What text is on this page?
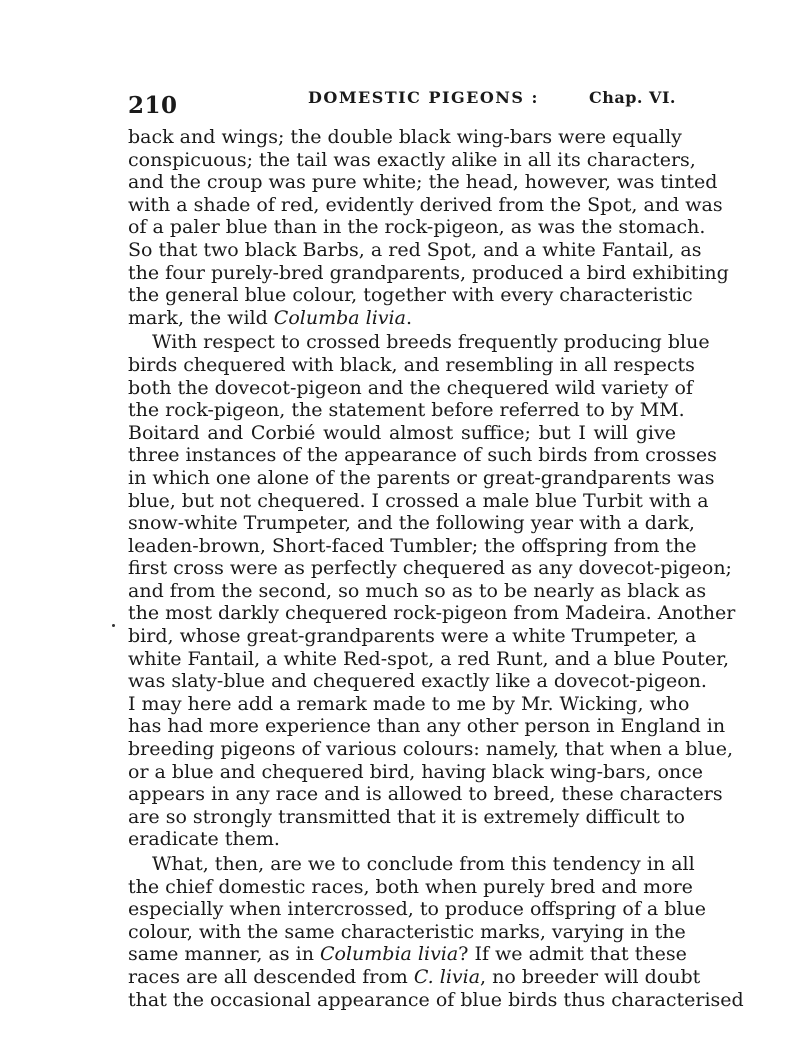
210	DOMESTIC PIGEONS :	Chap. VI.
back and wings; the double black wing-bars were equally
conspicuous; the tail was exactly alike in all its characters,
and the croup was pure white; the head, however, was tinted
with a shade of red, evidently derived from the Spot, and was
of a paler blue than in the rock-pigeon, as was the stomach.
So that two black Barbs, a red Spot, and a white Fantail, as
the four purely-bred grandparents, produced a bird exhibiting
the general blue colour, together with every characteristic
mark, the wild Columba livia.
With respect to crossed breeds frequently producing blue
birds chequered with black, and resembling in all respects
both the dovecot-pigeon and the chequered wild variety of
the rock-pigeon, the statement before referred to by MM.
Boitard and Corbié would almost suffice; but I will give
three instances of the appearance of such birds from crosses
in which one alone of the parents or great-grandparents was
blue, but not chequered. I crossed a male blue Turbit with a
snow-white Trumpeter, and the following year with a dark,
leaden-brown, Short-faced Tumbler; the offspring from the
first cross were as perfectly chequered as any dovecot-pigeon;
and from the second, so much so as to be nearly as black as
the most darkly chequered rock-pigeon from Madeira. Another
bird, whose great-grandparents were a white Trumpeter, a
white Fantail, a white Red-spot, a red Runt, and a blue Pouter,
was slaty-blue and chequered exactly like a dovecot-pigeon.
I may here add a remark made to me by Mr. Wicking, who
has had more experience than any other person in England in
breeding pigeons of various colours: namely, that when a blue,
or a blue and chequered bird, having black wing-bars, once
appears in any race and is allowed to breed, these characters
are so strongly transmitted that it is extremely difficult to
eradicate them.
What, then, are we to conclude from this tendency in all
the chief domestic races, both when purely bred and more
especially when intercrossed, to produce offspring of a blue
colour, with the same characteristic marks, varying in the
same manner, as in Columbia livia? If we admit that these
races are all descended from C. livia, no breeder will doubt
that the occasional appearance of blue birds thus characterised
